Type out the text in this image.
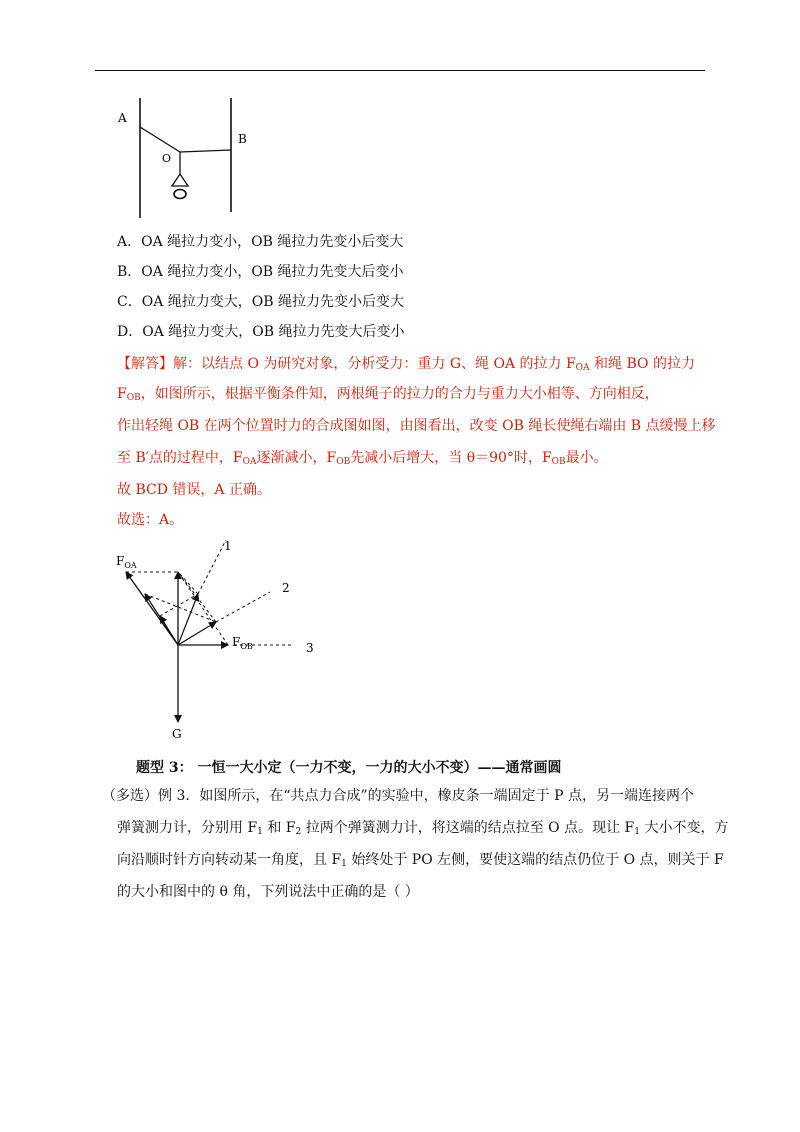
A
B
O
A．OA 绳拉力变小，OB 绳拉力先变小后变大
B．OA 绳拉力变小，OB 绳拉力先变大后变小
C．OA 绳拉力变大，OB 绳拉力先变小后变大
D．OA 绳拉力变大，OB 绳拉力先变大后变小
【解答】解：以结点 O 为研究对象，分析受力：重力 G、绳 OA 的拉力 $F_{OA}$ 和绳 BO 的拉力
$F_{OB}$，如图所示，根据平衡条件知，两根绳子的拉力的合力与重力大小相等、方向相反，
作出轻绳 OB 在两个位置时力的合成图如图，由图看出，改变 OB 绳长使绳右端由 B 点缓慢上移
至 B′点的过程中，$F_{OA}$逐渐减小，$F_{OB}$先减小后增大，当 θ＝90°时，$F_{OB}$最小。
故 BCD 错误，A 正确。
故选：A。
$F_{OA}$
$F_{OB}$
G
1
2
3
题型 3： 一恒一大小定（一力不变，一力的大小不变）——通常画圆
（多选）例 3．如图所示，在“共点力合成”的实验中，橡皮条一端固定于 P 点，另一端连接两个
弹簧测力计，分别用 $F_1$ 和 $F_2$ 拉两个弹簧测力计，将这端的结点拉至 O 点。现让 $F_1$ 大小不变，方
向沿顺时针方向转动某一角度，且 $F_1$ 始终处于 PO 左侧，要使这端的结点仍位于 O 点，则关于 F
的大小和图中的 θ 角，下列说法中正确的是（ ）
